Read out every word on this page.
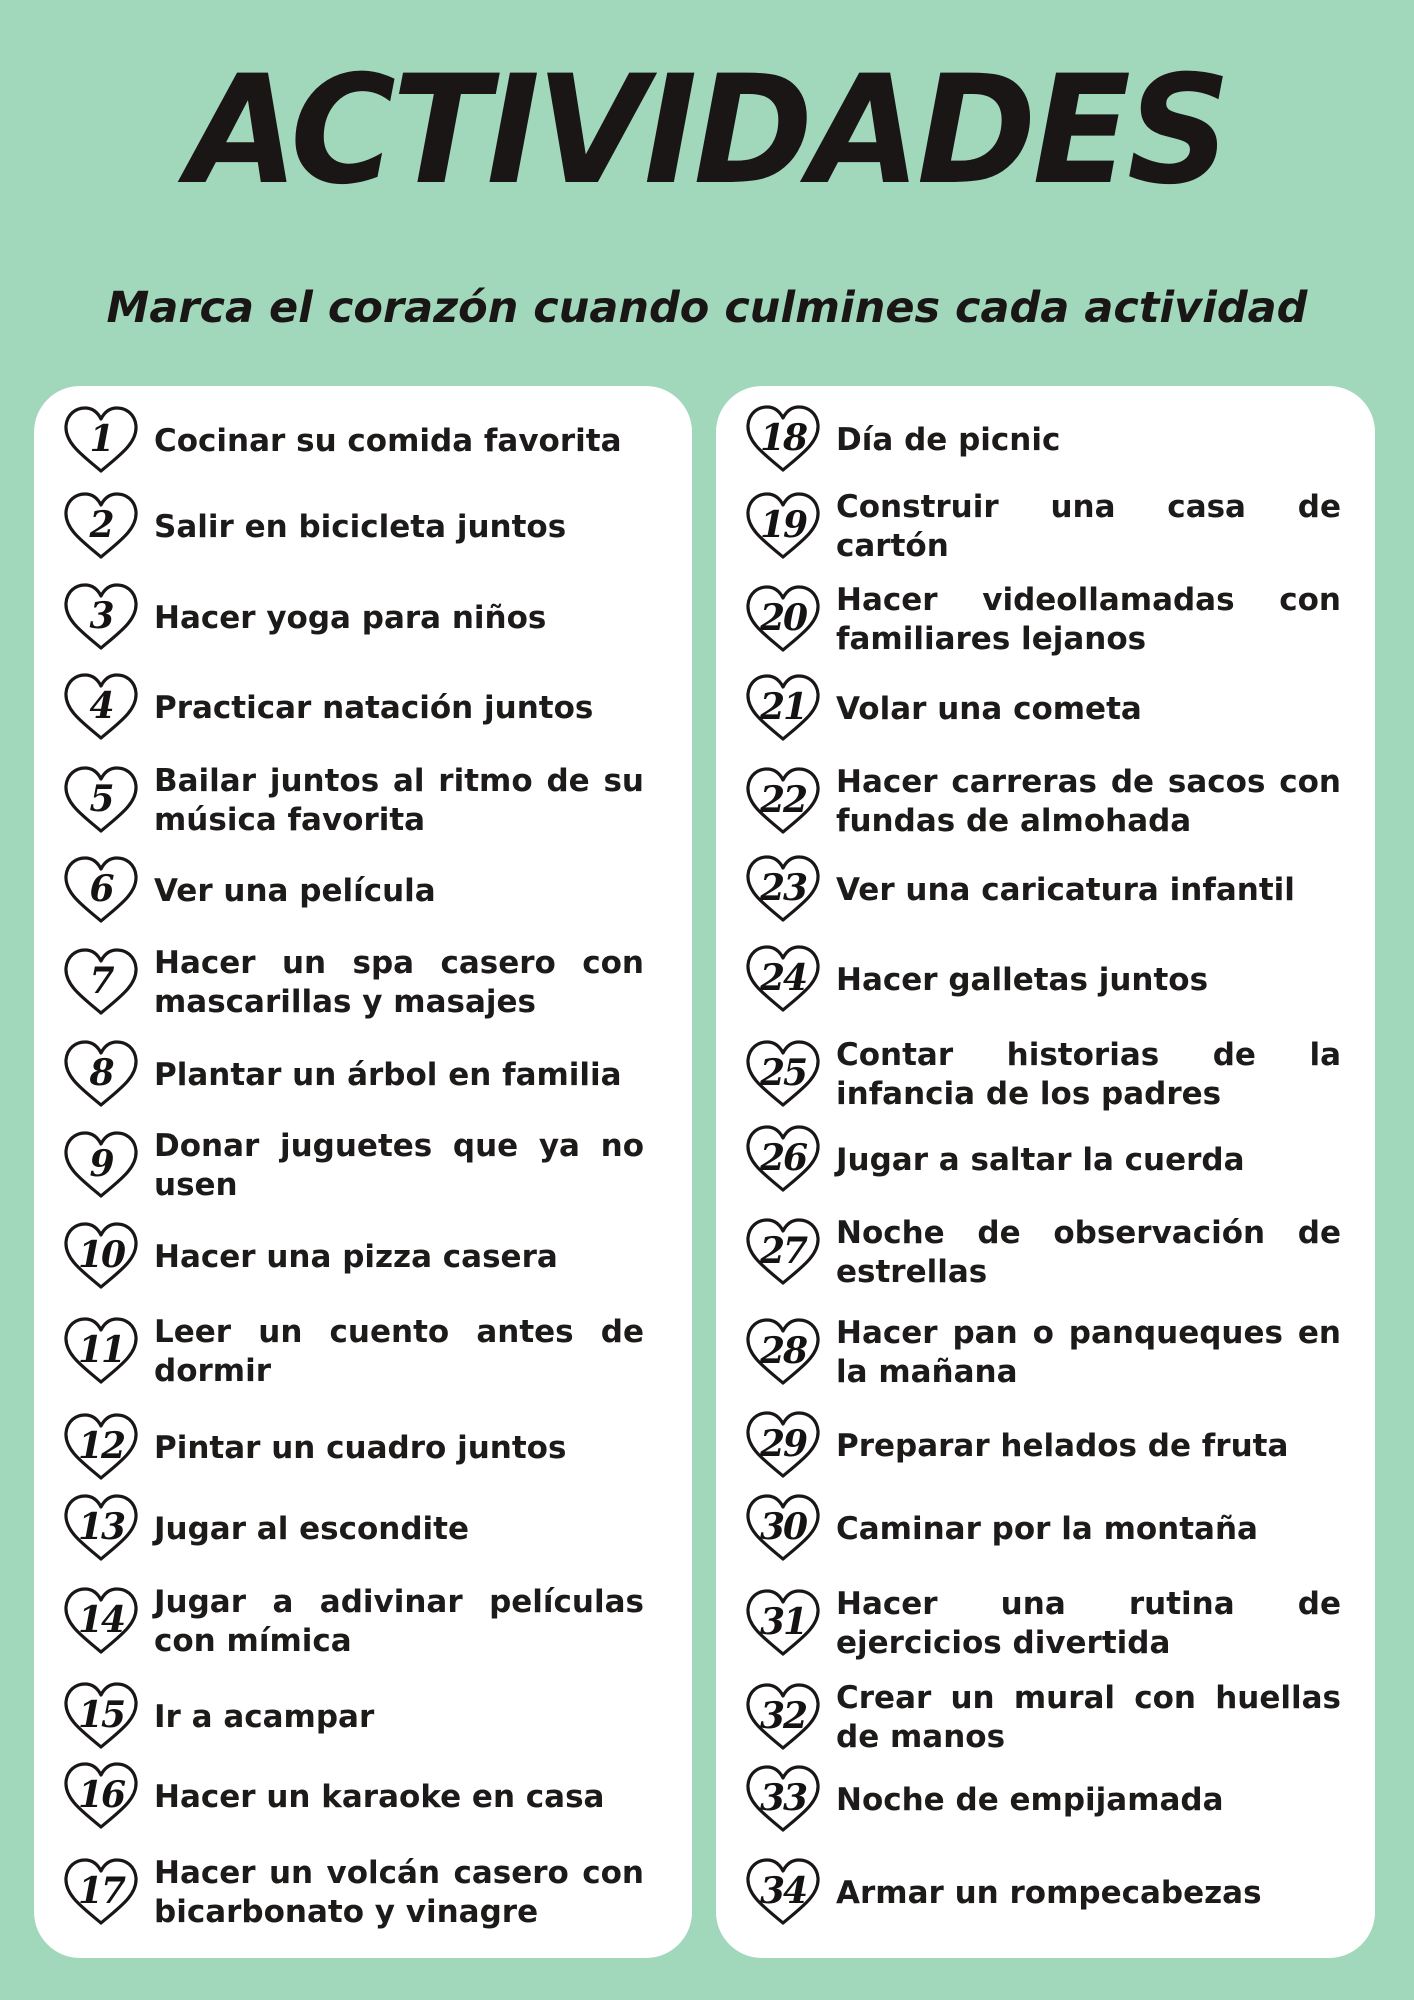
ACTIVIDADES
Marca el corazón cuando culmines cada actividad
1	Cocinar su comida favorita
2	Salir en bicicleta juntos
3	Hacer yoga para niños
4	Practicar natación juntos
5	Bailar juntos al ritmo de su música favorita
6	Ver una película
7	Hacer un spa casero con mascarillas y masajes
8	Plantar un árbol en familia
9	Donar juguetes que ya no usen
10 Hacer una pizza casera
11 Leer un cuento antes de dormir
12 Pintar un cuadro juntos
13 Jugar al escondite
14 Jugar a adivinar películas con mímica
15 Ir a acampar
16 Hacer un karaoke en casa
17 Hacer un volcán casero con bicarbonato y vinagre
18 Día de picnic
19 Construir una casa de cartón
20 Hacer videollamadas con familiares lejanos
21 Volar una cometa
22 Hacer carreras de sacos con fundas de almohada
23 Ver una caricatura infantil
24 Hacer galletas juntos
25 Contar historias de la infancia de los padres
26 Jugar a saltar la cuerda
27 Noche de observación de estrellas
28 Hacer pan o panqueques en la mañana
29 Preparar helados de fruta
30 Caminar por la montaña
31 Hacer una rutina de ejercicios divertida
32 Crear un mural con huellas de manos
33 Noche de empijamada
34 Armar un rompecabezas
